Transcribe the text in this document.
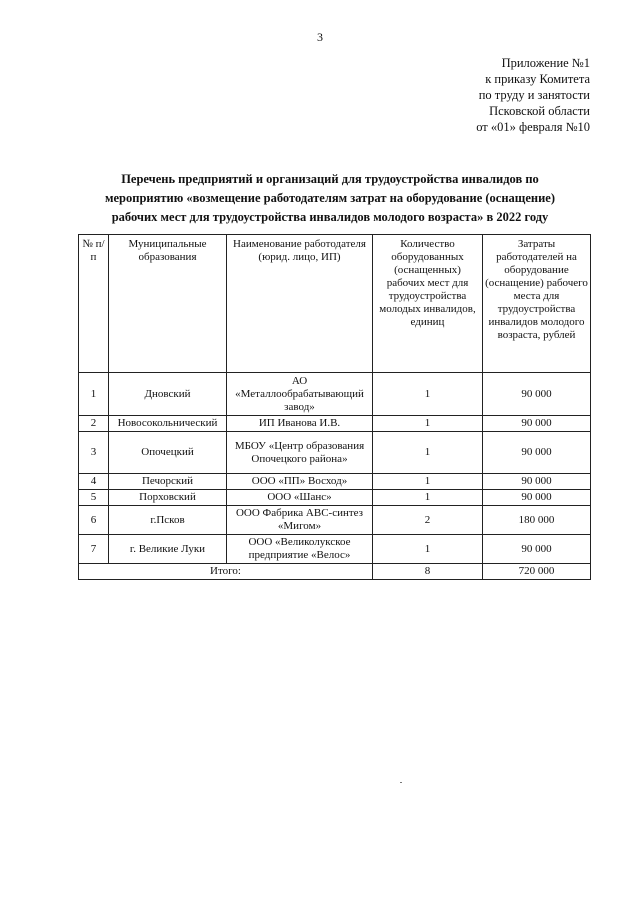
3
Приложение №1
к приказу Комитета
по труду и занятости
Псковской области
от «01» февраля №10
Перечень предприятий и организаций для трудоустройства инвалидов по
мероприятию «возмещение работодателям затрат на оборудование (оснащение)
рабочих мест для трудоустройства инвалидов молодого возраста» в 2022 году
№ п/п	Муниципальные образования	Наименование работодателя (юрид. лицо, ИП)	Количество оборудованных (оснащенных) рабочих мест для трудоустройства молодых инвалидов, единиц	Затраты работодателей на оборудование (оснащение) рабочего места для трудоустройства инвалидов молодого возраста, рублей
1	Дновский	АО «Металлообрабатывающий завод»	1	90 000
2	Новосокольнический	ИП Иванова И.В.	1	90 000
3	Опочецкий	МБОУ «Центр образования Опочецкого района»	1	90 000
4	Печорский	ООО «ПП» Восход»	1	90 000
5	Порховский	ООО «Шанс»	1	90 000
6	г.Псков	ООО Фабрика АВС-синтез «Мигом»	2	180 000
7	г. Великие Луки	ООО «Великолукское предприятие «Велос»	1	90 000
Итого:			8	720 000
